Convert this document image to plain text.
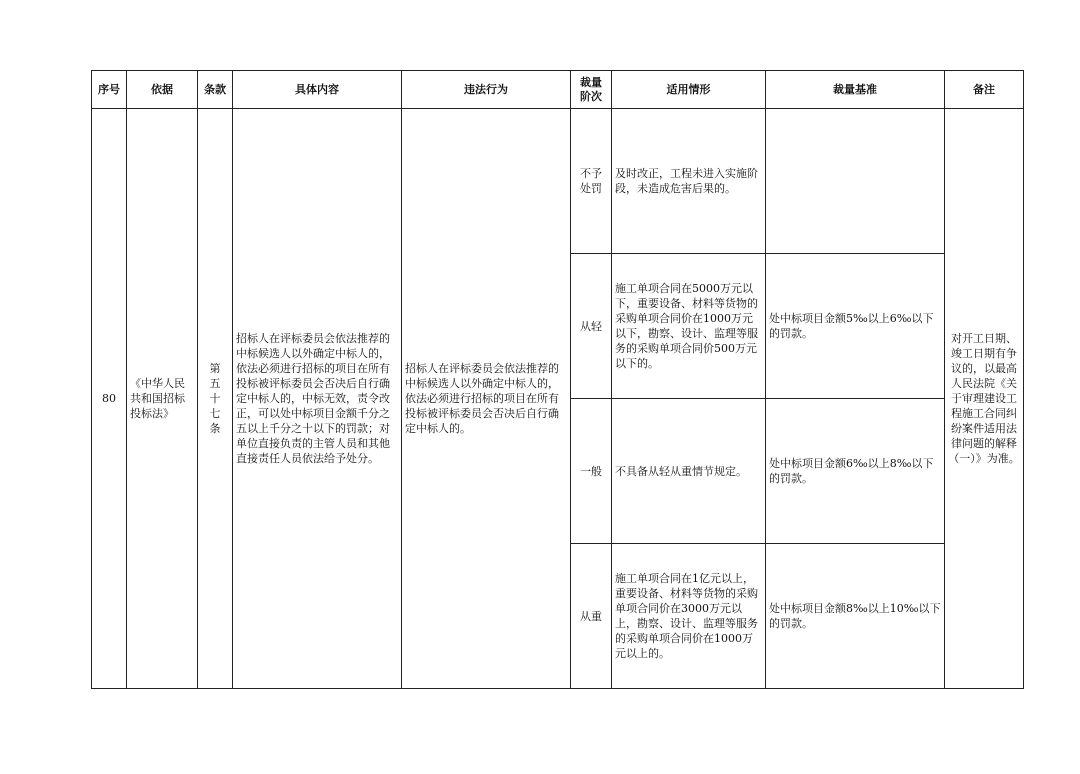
序号	依据	条款	具体内容	违法行为	裁量阶次	适用情形	裁量基准	备注
80	《中华人民共和国招标投标法》	第五十七条	招标人在评标委员会依法推荐的中标候选人以外确定中标人的，依法必须进行招标的项目在所有投标被评标委员会否决后自行确定中标人的，中标无效，责令改正，可以处中标项目金额千分之五以上千分之十以下的罚款；对单位直接负责的主管人员和其他直接责任人员依法给予处分。	招标人在评标委员会依法推荐的中标候选人以外确定中标人的，依法必须进行招标的项目在所有投标被评标委员会否决后自行确定中标人的。	不予处罚	及时改正，工程未进入实施阶段，未造成危害后果的。		对开工日期、竣工日期有争议的，以最高人民法院《关于审理建设工程施工合同纠纷案件适用法律问题的解释（一）》为准。
					从轻	施工单项合同在5000万元以下，重要设备、材料等货物的采购单项合同价在1000万元以下，勘察、设计、监理等服务的采购单项合同价500万元以下的。	处中标项目金额5‰以上6‰以下的罚款。	
					一般	不具备从轻从重情节规定。	处中标项目金额6‰以上8‰以下的罚款。	
					从重	施工单项合同在1亿元以上，重要设备、材料等货物的采购单项合同价在3000万元以上，勘察、设计、监理等服务的采购单项合同价在1000万元以上的。	处中标项目金额8‰以上10‰以下的罚款。	
